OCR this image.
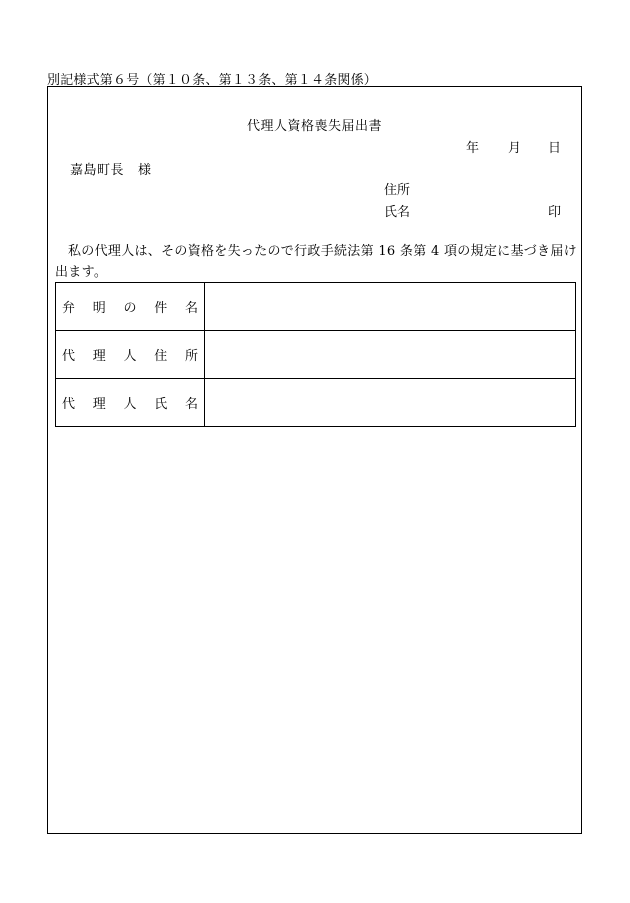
別記様式第６号（第１０条、第１３条、第１４条関係）
代理人資格喪失届出書
年 月 日
嘉島町長 様
住所
氏名	印
私の代理人は、その資格を失ったので行政手続法第 16 条第 4 項の規定に基づき届け出ます。
弁 明 の 件 名	

代 理 人 住 所	

代 理 人 氏 名	
